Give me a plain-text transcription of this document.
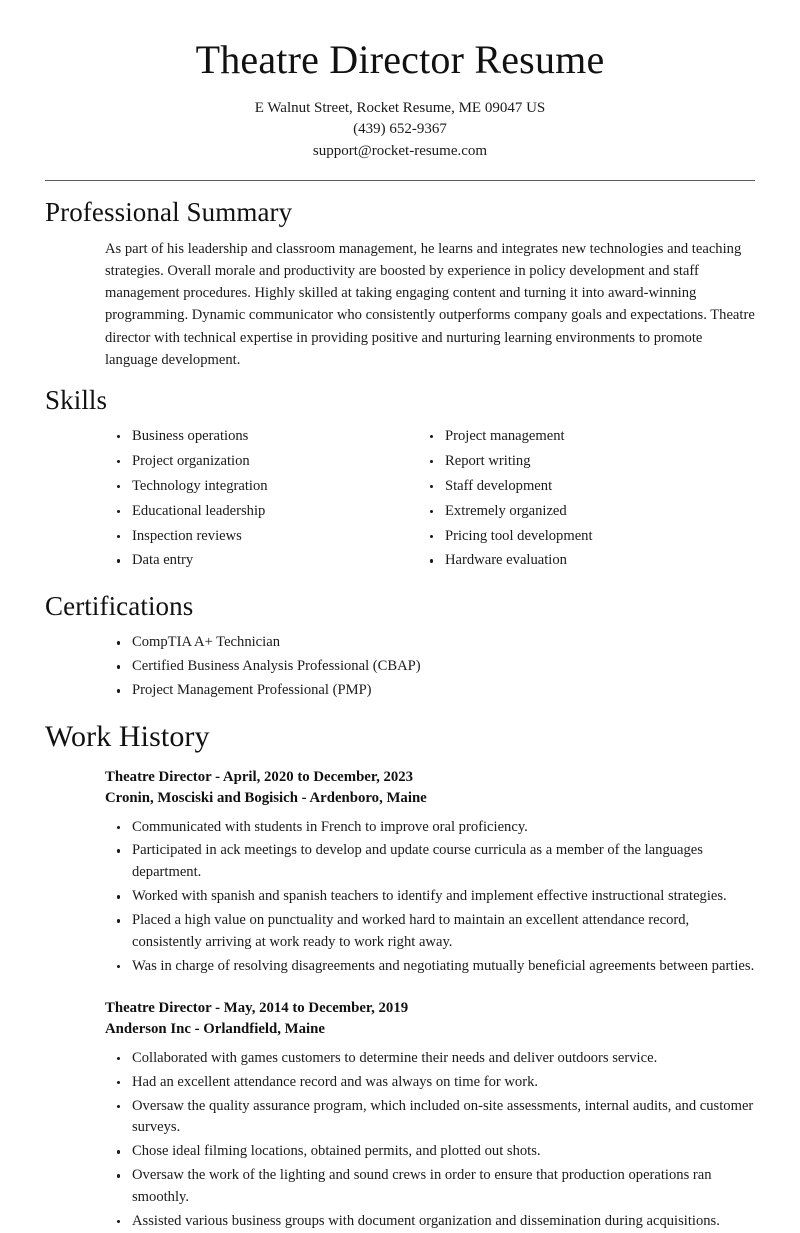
Theatre Director Resume

E Walnut Street, Rocket Resume, ME 09047 US

(439) 652-9367

support@rocket-resume.com

Professional Summary

As part of his leadership and classroom management, he learns and integrates new technologies and teaching strategies. Overall morale and productivity are boosted by experience in policy development and staff management procedures. Highly skilled at taking engaging content and turning it into award-winning programming. Dynamic communicator who consistently outperforms company goals and expectations. Theatre director with technical expertise in providing positive and nurturing learning environments to promote language development.

Skills
Business operations
Project organization
Technology integration
Educational leadership
Inspection reviews
Data entry
Project management
Report writing
Staff development
Extremely organized
Pricing tool development
Hardware evaluation
Certifications
CompTIA A+ Technician
Certified Business Analysis Professional (CBAP)
Project Management Professional (PMP)
Work History

Theatre Director - April, 2020 to December, 2023

Cronin, Mosciski and Bogisich - Ardenboro, Maine

Communicated with students in French to improve oral proficiency.
Participated in ack meetings to develop and update course curricula as a member of the languages department.
Worked with spanish and spanish teachers to identify and implement effective instructional strategies.
Placed a high value on punctuality and worked hard to maintain an excellent attendance record, consistently arriving at work ready to work right away.
Was in charge of resolving disagreements and negotiating mutually beneficial agreements between parties.

Theatre Director - May, 2014 to December, 2019

Anderson Inc - Orlandfield, Maine

Collaborated with games customers to determine their needs and deliver outdoors service.
Had an excellent attendance record and was always on time for work.
Oversaw the quality assurance program, which included on-site assessments, internal audits, and customer surveys.
Chose ideal filming locations, obtained permits, and plotted out shots.
Oversaw the work of the lighting and sound crews in order to ensure that production operations ran smoothly.
Assisted various business groups with document organization and dissemination during acquisitions.
